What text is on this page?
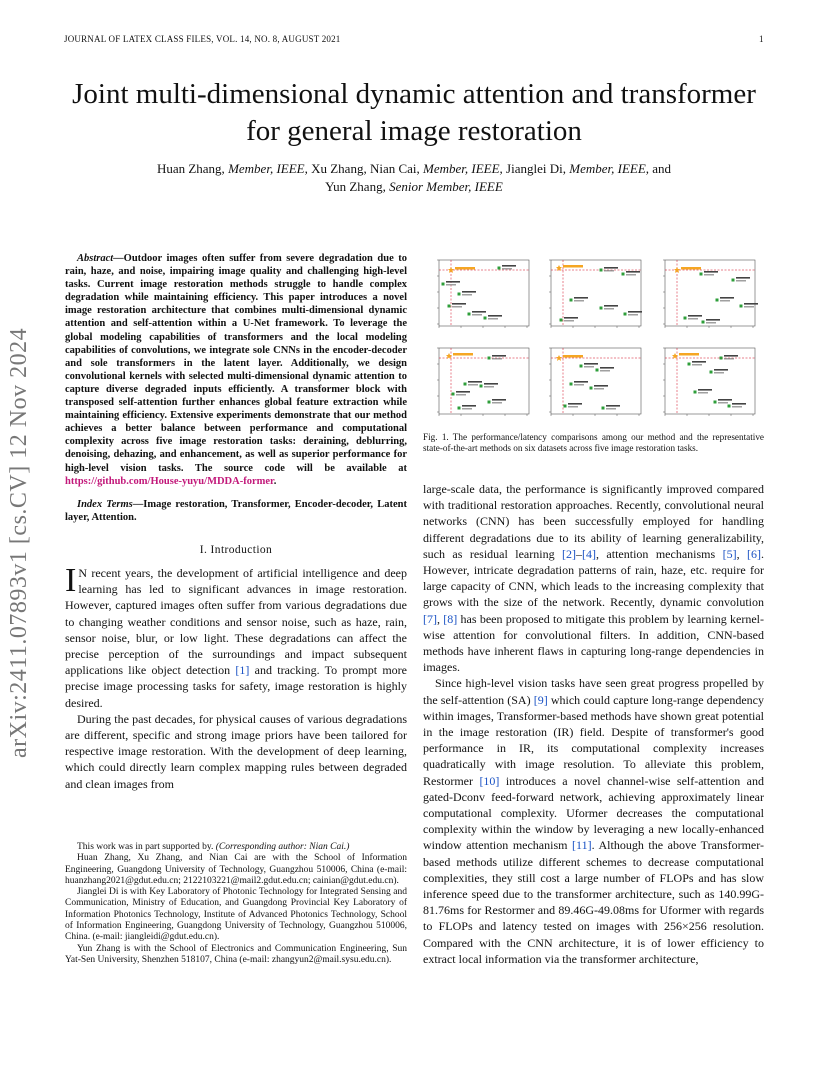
JOURNAL OF LATEX CLASS FILES, VOL. 14, NO. 8, AUGUST 2021	1
arXiv:2411.07893v1 [cs.CV] 12 Nov 2024
Joint multi-dimensional dynamic attention and transformer for general image restoration
Huan Zhang, Member, IEEE, Xu Zhang, Nian Cai, Member, IEEE, Jianglei Di, Member, IEEE, and
Yun Zhang, Senior Member, IEEE

Abstract—Outdoor images often suffer from severe degradation due to rain, haze, and noise, impairing image quality and challenging high-level tasks. Current image restoration methods struggle to handle complex degradation while maintaining efficiency. This paper introduces a novel image restoration architecture that combines multi-dimensional dynamic attention and self-attention within a U-Net framework. To leverage the global modeling capabilities of transformers and the local modeling capabilities of convolutions, we integrate sole CNNs in the encoder-decoder and sole transformers in the latent layer. Additionally, we design convolutional kernels with selected multi-dimensional dynamic attention to capture diverse degraded inputs efficiently. A transformer block with transposed self-attention further enhances global feature extraction while maintaining efficiency. Extensive experiments demonstrate that our method achieves a better balance between performance and computational complexity across five image restoration tasks: deraining, deblurring, denoising, dehazing, and enhancement, as well as superior performance for high-level vision tasks. The source code will be available at https://github.com/House-yuyu/MDDA-former.

Index Terms—Image restoration, Transformer, Encoder-decoder, Latent layer, Attention.

I. Introduction

I N recent years, the development of artificial intelligence and deep learning has led to significant advances in image restoration. However, captured images often suffer from various degradations due to changing weather conditions and sensor noise, such as haze, rain, sensor noise, blur, or low light. These degradations can affect the precise perception of the surroundings and impact subsequent applications like object detection [1] and tracking. To prompt more precise image processing tasks for safety, image restoration is highly desired.

During the past decades, for physical causes of various degradations are different, specific and strong image priors have been tailored for respective image restoration. With the development of deep learning, which could directly learn complex mapping rules between degraded and clean images from

This work was in part supported by. (Corresponding author: Nian Cai.)

Huan Zhang, Xu Zhang, and Nian Cai are with the School of Information Engineering, Guangdong University of Technology, Guangzhou 510006, China (e-mail: huanzhang2021@gdut.edu.cn; 2122103221@mail2.gdut.edu.cn; cainian@gdut.edu.cn).

Jianglei Di is with Key Laboratory of Photonic Technology for Integrated Sensing and Communication, Ministry of Education, and Guangdong Provincial Key Laboratory of Information Photonics Technology, Institute of Advanced Photonics Technology, School of Information Engineering, Guangdong University of Technology, Guangzhou 510006, China. (e-mail: jiangleidi@gdut.edu.cn).

Yun Zhang is with the School of Electronics and Communication Engineering, Sun Yat-Sen University, Shenzhen 518107, China (e-mail: zhangyun2@mail.sysu.edu.cn).

Fig. 1. The performance/latency comparisons among our method and the representative state-of-the-art methods on six datasets across five image restoration tasks.

large-scale data, the performance is significantly improved compared with traditional restoration approaches. Recently, convolutional neural networks (CNN) has been successfully employed for handling different degradations due to its ability of learning generalizability, such as residual learning [2]–[4], attention mechanisms [5], [6]. However, intricate degradation patterns of rain, haze, etc. require for large capacity of CNN, which leads to the increasing complexity that grows with the size of the network. Recently, dynamic convolution [7], [8] has been proposed to mitigate this problem by learning kernel-wise attention for convolutional filters. In addition, CNN-based methods have inherent flaws in capturing long-range dependencies in images.

Since high-level vision tasks have seen great progress propelled by the self-attention (SA) [9] which could capture long-range dependency within images, Transformer-based methods have shown great potential in the image restoration (IR) field. Despite of transformer's good performance in IR, its computational complexity increases quadratically with image resolution. To alleviate this problem, Restormer [10] introduces a novel channel-wise self-attention and gated-Dconv feed-forward network, achieving approximately linear computational complexity. Uformer decreases the computational complexity within the window by leveraging a new locally-enhanced window attention mechanism [11]. Although the above Transformer-based methods utilize different schemes to decrease computational complexities, they still cost a large number of FLOPs and has slow inference speed due to the transformer architecture, such as 140.99G-81.76ms for Restormer and 89.46G-49.08ms for Uformer with regards to FLOPs and latency tested on images with 256×256 resolution. Compared with the CNN architecture, it is of lower efficiency to extract local information via the transformer architecture,
